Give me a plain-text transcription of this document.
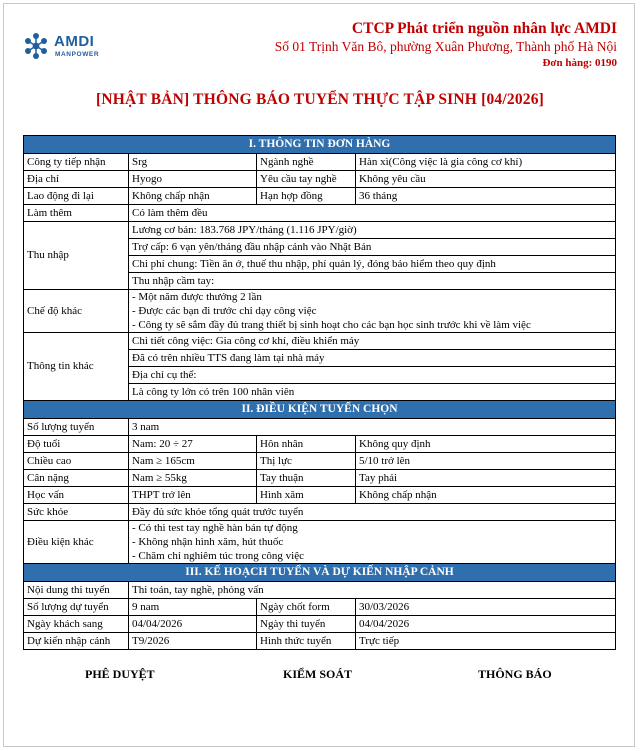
AMDI
MANPOWER
CTCP Phát triển nguồn nhân lực AMDI
Số 01 Trịnh Văn Bô, phường Xuân Phương, Thành phố Hà Nội
Đơn hàng: 0190
[NHẬT BẢN] THÔNG BÁO TUYỂN THỰC TẬP SINH [04/2026]
I. THÔNG TIN ĐƠN HÀNG			
Công ty tiếp nhận	Srg	Ngành nghề	Hàn xì(Công việc là gia công cơ khí)
Địa chỉ	Hyogo	Yêu cầu tay nghề	Không yêu cầu
Lao động đi lại	Không chấp nhận	Hạn hợp đồng	36 tháng
Làm thêm	Có làm thêm đều		
Thu nhập	Lương cơ bản: 183.768 JPY/tháng (1.116 JPY/giờ)		
	Trợ cấp: 6 vạn yên/tháng đầu nhập cảnh vào Nhật Bản		
	Chi phí chung: Tiền ăn ở, thuế thu nhập, phí quản lý, đóng bảo hiểm theo quy định		
	Thu nhập cầm tay:		
Chế độ khác	- Một năm được thưởng 2 lần
- Được các bạn đi trước chỉ dạy công việc
- Công ty sẽ sắm đầy đủ trang thiết bị sinh hoạt cho các bạn học sinh trước khi về làm việc		

Thông tin khác	Chi tiết công việc: Gia công cơ khí, điều khiển máy		
	Đã có trên nhiều TTS đang làm tại nhà máy		
	Địa chỉ cụ thể:		
	Là công ty lớn có trên 100 nhân viên		
II. ĐIỀU KIỆN TUYỂN CHỌN			
Số lượng tuyển	3 nam		
Độ tuổi	Nam: 20 ÷ 27	Hôn nhân	Không quy định
Chiều cao	Nam ≥ 165cm	Thị lực	5/10 trở lên
Cân nặng	Nam ≥ 55kg	Tay thuận	Tay phải
Học vấn	THPT trở lên	Hình xăm	Không chấp nhận
Sức khỏe	Đầy đủ sức khỏe tổng quát trước tuyển		
Điều kiện khác	- Có thi test tay nghề hàn bán tự động
- Không nhận hình xăm, hút thuốc
- Chăm chỉ nghiêm túc trong công việc		

III. KẾ HOẠCH TUYỂN VÀ DỰ KIẾN NHẬP CẢNH			
Nội dung thi tuyển	Thi toán, tay nghề, phỏng vấn		
Số lượng dự tuyển	9 nam	Ngày chốt form	30/03/2026
Ngày khách sang	04/04/2026	Ngày thi tuyển	04/04/2026
Dự kiến nhập cảnh	T9/2026	Hình thức tuyển	Trực tiếp
PHÊ DUYỆT	KIỂM SOÁT	THÔNG BÁO
